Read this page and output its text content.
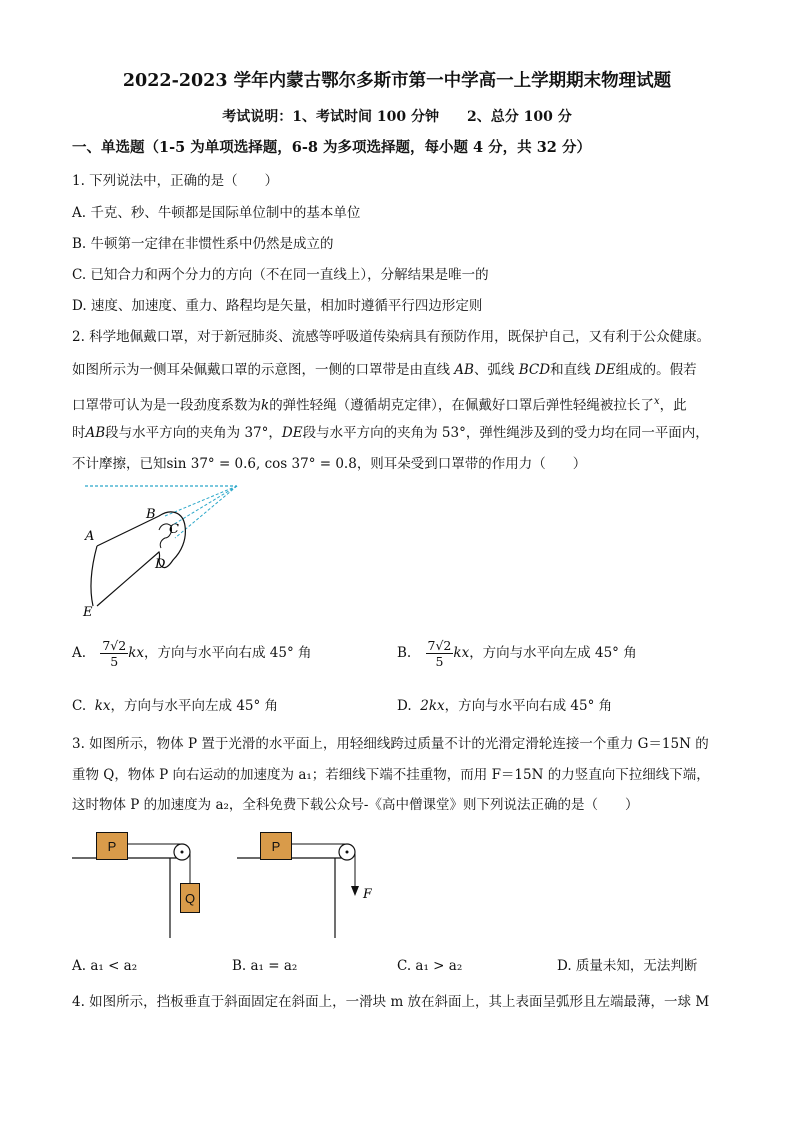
2022-2023 学年内蒙古鄂尔多斯市第一中学高一上学期期末物理试题
考试说明：1、考试时间 100 分钟　　2、总分 100 分
一、单选题（1-5 为单项选择题，6-8 为多项选择题，每小题 4 分，共 32 分）
1. 下列说法中，正确的是（　　）
A. 千克、秒、牛顿都是国际单位制中的基本单位
B. 牛顿第一定律在非惯性系中仍然是成立的
C. 已知合力和两个分力的方向（不在同一直线上），分解结果是唯一的
D. 速度、加速度、重力、路程均是矢量，相加时遵循平行四边形定则
2. 科学地佩戴口罩，对于新冠肺炎、流感等呼吸道传染病具有预防作用，既保护自己，又有利于公众健康。
如图所示为一侧耳朵佩戴口罩的示意图，一侧的口罩带是由直线 AB、弧线 BCD和直线 DE组成的。假若
口罩带可认为是一段劲度系数为k的弹性轻绳（遵循胡克定律），在佩戴好口罩后弹性轻绳被拉长了$^x$，此
时AB段与水平方向的夹角为 37°，DE段与水平方向的夹角为 53°，弹性绳涉及到的受力均在同一平面内，
不计摩擦，已知sin 37° = 0.6, cos 37° = 0.8，则耳朵受到口罩带的作用力（　　）
A
B
C
D
E
A. $\frac{7√2}{5}$ kx，方向与水平向右成 45° 角	B. $\frac{7√2}{5}$ kx，方向与水平向左成 45° 角
C. kx，方向与水平向左成 45° 角	D. 2kx，方向与水平向右成 45° 角
3. 如图所示，物体 P 置于光滑的水平面上，用轻细线跨过质量不计的光滑定滑轮连接一个重力 G＝15N 的
重物 Q，物体 P 向右运动的加速度为 a₁；若细线下端不挂重物，而用 F＝15N 的力竖直向下拉细线下端，
这时物体 P 的加速度为 a₂，全科免费下载公众号-《高中僧课堂》则下列说法正确的是（　　）
F
P
Q
P
A. a₁ < a₂	B. a₁ = a₂	C. a₁ > a₂	D. 质量未知，无法判断
4. 如图所示，挡板垂直于斜面固定在斜面上，一滑块 m 放在斜面上，其上表面呈弧形且左端最薄，一球 M
